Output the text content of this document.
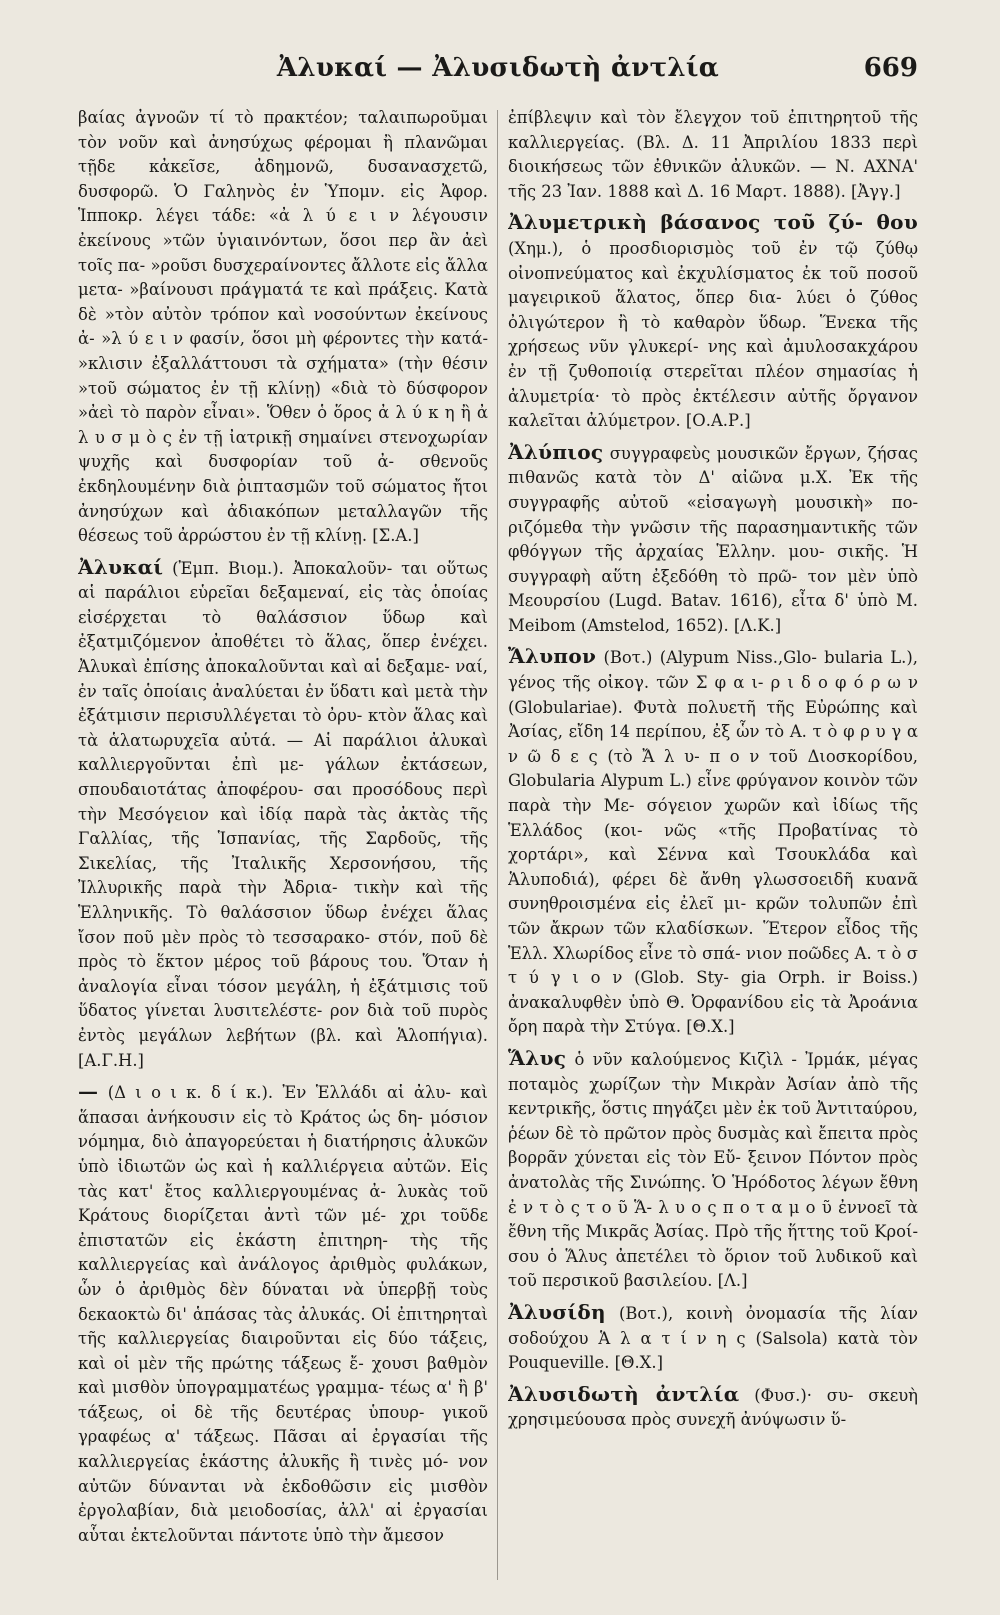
Ἀλυκαί — Ἀλυσιδωτὴ ἀντλία	669

βαίας ἀγνοῶν τί τὸ πρακτέον; ταλαιπωροῦμαι τὸν νοῦν καὶ ἀνησύχως φέρομαι ἢ πλανῶμαι τῇδε κἀκεῖσε, ἀδημονῶ, δυσανασχετῶ, δυσφορῶ. Ὁ Γαληνὸς ἐν Ὑπομν. εἰς Ἀφορ. Ἱπποκρ. λέγει τάδε: «ἀ λ ύ ε ι ν λέγουσιν ἐκείνους »τῶν ὑγιαινόντων, ὅσοι περ ἂν ἀεὶ τοῖς πα- »ροῦσι δυσχεραίνοντες ἄλλοτε εἰς ἄλλα μετα- »βαίνουσι πράγματά τε καὶ πράξεις. Κατὰ δὲ »τὸν αὐτὸν τρόπον καὶ νοσούντων ἐκείνους ἀ- »λ ύ ε ι ν φασίν, ὅσοι μὴ φέροντες τὴν κατά- »κλισιν ἐξαλλάττουσι τὰ σχήματα» (τὴν θέσιν »τοῦ σώματος ἐν τῇ κλίνῃ) «διὰ τὸ δύσφορον »ἀεὶ τὸ παρὸν εἶναι». Ὅθεν ὁ ὅρος ἀ λ ύ κ η ἢ ἀ λ υ σ μ ὸ ς ἐν τῇ ἰατρικῇ σημαίνει στενοχωρίαν ψυχῆς καὶ δυσφορίαν τοῦ ἀ- σθενοῦς ἐκδηλουμένην διὰ ῥιπτασμῶν τοῦ σώματος ἤτοι ἀνησύχων καὶ ἀδιακόπων μεταλλαγῶν τῆς θέσεως τοῦ ἀρρώστου ἐν τῇ κλίνῃ. [Σ.Α.]

Ἀλυκαί (Ἐμπ. Βιομ.). Ἀποκαλοῦν- ται οὕτως αἱ παράλιοι εὑρεῖαι δεξαμεναί, εἰς τὰς ὁποίας εἰσέρχεται τὸ θαλάσσιον ὕδωρ καὶ ἐξατμιζόμενον ἀποθέτει τὸ ἅλας, ὅπερ ἐνέχει. Ἀλυκαὶ ἐπίσης ἀποκαλοῦνται καὶ αἱ δεξαμε- ναί, ἐν ταῖς ὁποίαις ἀναλύεται ἐν ὕδατι καὶ μετὰ τὴν ἐξάτμισιν περισυλλέγεται τὸ ὀρυ- κτὸν ἅλας καὶ τὰ ἁλατωρυχεῖα αὐτά. — Αἱ παράλιοι ἀλυκαὶ καλλιεργοῦνται ἐπὶ με- γάλων ἐκτάσεων, σπουδαιοτάτας ἀποφέρου- σαι προσόδους περὶ τὴν Μεσόγειον καὶ ἰδίᾳ παρὰ τὰς ἀκτὰς τῆς Γαλλίας, τῆς Ἱσπανίας, τῆς Σαρδοῦς, τῆς Σικελίας, τῆς Ἰταλικῆς Χερσονήσου, τῆς Ἰλλυρικῆς παρὰ τὴν Ἀδρια- τικὴν καὶ τῆς Ἑλληνικῆς. Τὸ θαλάσσιον ὕδωρ ἐνέχει ἅλας ἴσον ποῦ μὲν πρὸς τὸ τεσσαρακο- στόν, ποῦ δὲ πρὸς τὸ ἕκτον μέρος τοῦ βάρους του. Ὅταν ἡ ἀναλογία εἶναι τόσον μεγάλη, ἡ ἐξάτμισις τοῦ ὕδατος γίνεται λυσιτελέστε- ρον διὰ τοῦ πυρὸς ἐντὸς μεγάλων λεβήτων (βλ. καὶ Ἁλοπήγια). [Α.Γ.Η.]

— (Δ ι ο ι κ. δ ί κ.). Ἐν Ἑλλάδι αἱ ἀλυ- καὶ ἅπασαι ἀνήκουσιν εἰς τὸ Κράτος ὡς δη- μόσιον νόμημα, διὸ ἀπαγορεύεται ἡ διατήρησις ἀλυκῶν ὑπὸ ἰδιωτῶν ὡς καὶ ἡ καλλιέργεια αὐτῶν. Εἰς τὰς κατ' ἔτος καλλιεργουμένας ἀ- λυκὰς τοῦ Κράτους διορίζεται ἀντὶ τῶν μέ- χρι τοῦδε ἐπιστατῶν εἰς ἑκάστη ἐπιτηρη- τὴς τῆς καλλιεργείας καὶ ἀνάλογος ἀριθμὸς φυλάκων, ὧν ὁ ἀριθμὸς δὲν δύναται νὰ ὑπερβῇ τοὺς δεκαοκτὼ δι' ἁπάσας τὰς ἀλυκάς. Οἱ ἐπιτηρηταὶ τῆς καλλιεργείας διαιροῦνται εἰς δύο τάξεις, καὶ οἱ μὲν τῆς πρώτης τάξεως ἔ- χουσι βαθμὸν καὶ μισθὸν ὑπογραμματέως γραμμα- τέως α' ἢ β' τάξεως, οἱ δὲ τῆς δευτέρας ὑπουρ- γικοῦ γραφέως α' τάξεως. Πᾶσαι αἱ ἐργασίαι τῆς καλλιεργείας ἑκάστης ἀλυκῆς ἢ τινὲς μό- νον αὐτῶν δύνανται νὰ ἐκδοθῶσιν εἰς μισθὸν ἐργολαβίαν, διὰ μειοδοσίας, ἀλλ' αἱ ἐργασίαι αὗται ἐκτελοῦνται πάντοτε ὑπὸ τὴν ἄμεσον

ἐπίβλεψιν καὶ τὸν ἔλεγχον τοῦ ἐπιτηρητοῦ τῆς καλλιεργείας. (Βλ. Δ. 11 Ἀπριλίου 1833 περὶ διοικήσεως τῶν ἐθνικῶν ἀλυκῶν. — Ν. ΑΧΝΑ' τῆς 23 Ἰαν. 1888 καὶ Δ. 16 Μαρτ. 1888). [Ἀγγ.]

Ἀλυμετρικὴ βάσανος τοῦ ζύ- θου (Χημ.), ὁ προσδιορισμὸς τοῦ ἐν τῷ ζύθῳ οἰνοπνεύματος καὶ ἐκχυλίσματος ἐκ τοῦ ποσοῦ μαγειρικοῦ ἅλατος, ὅπερ δια- λύει ὁ ζύθος ὀλιγώτερον ἢ τὸ καθαρὸν ὕδωρ. Ἕνεκα τῆς χρήσεως νῦν γλυκερί- νης καὶ ἀμυλοσακχάρου ἐν τῇ ζυθοποιίᾳ στερεῖται πλέον σημασίας ἡ ἀλυμετρία· τὸ πρὸς ἐκτέλεσιν αὐτῆς ὄργανον καλεῖται ἀλύμετρον. [Ο.Α.Ρ.]

Ἀλύπιος συγγραφεὺς μουσικῶν ἔργων, ζήσας πιθανῶς κατὰ τὸν Δ' αἰῶνα μ.Χ. Ἐκ τῆς συγγραφῆς αὐτοῦ «εἰσαγωγὴ μουσικὴ» πο- ριζόμεθα τὴν γνῶσιν τῆς παρασημαντικῆς τῶν φθόγγων τῆς ἀρχαίας Ἑλλην. μου- σικῆς. Ἡ συγγραφὴ αὕτη ἐξεδόθη τὸ πρῶ- τον μὲν ὑπὸ Μεουρσίου (Lugd. Batav. 1616), εἶτα δ' ὑπὸ M. Meibom (Amstelod, 1652). [Λ.Κ.]

Ἄλυπον (Βοτ.) (Alypum Niss.,Glo- bularia L.), γένος τῆς οἰκογ. τῶν Σ φ α ι- ρ ι δ ο φ ό ρ ω ν (Globulariae). Φυτὰ πολυετῆ τῆς Εὐρώπης καὶ Ἀσίας, εἴδη 14 περίπου, ἐξ ὧν τὸ Α. τ ὸ φ ρ υ γ α ν ῶ δ ε ς (τὸ Ἄ λ υ- π ο ν τοῦ Διοσκορίδου, Globularia Alypum L.) εἶνε φρύγανον κοινὸν τῶν παρὰ τὴν Με- σόγειον χωρῶν καὶ ἰδίως τῆς Ἑλλάδος (κοι- νῶς «τῆς Προβατίνας τὸ χορτάρι», καὶ Σέννα καὶ Τσουκλάδα καὶ Ἁλυποδιά), φέρει δὲ ἄνθη γλωσσοειδῆ κυανᾶ συνηθροισμένα εἰς ἐλεῖ μι- κρῶν τολυπῶν ἐπὶ τῶν ἄκρων τῶν κλαδίσκων. Ἕτερον εἶδος τῆς Ἑλλ. Χλωρίδος εἶνε τὸ σπά- νιον ποῶδες Α. τ ὸ σ τ ύ γ ι ο ν (Glob. Sty- gia Orph. ir Boiss.) ἀνακαλυφθὲν ὑπὸ Θ. Ὀρφανίδου εἰς τὰ Ἀροάνια ὄρη παρὰ τὴν Στύγα. [Θ.Χ.]

Ἅλυς ὁ νῦν καλούμενος Κιζὶλ - Ἰρμάκ, μέγας ποταμὸς χωρίζων τὴν Μικρὰν Ἀσίαν ἀπὸ τῆς κεντρικῆς, ὅστις πηγάζει μὲν ἐκ τοῦ Ἀντιταύρου, ῥέων δὲ τὸ πρῶτον πρὸς δυσμὰς καὶ ἔπειτα πρὸς βορρᾶν χύνεται εἰς τὸν Εὔ- ξεινον Πόντον πρὸς ἀνατολὰς τῆς Σινώπης. Ὁ Ἡρόδοτος λέγων ἔθνη ἐ ν τ ὸ ς τ ο ῦ Ἅ- λ υ ο ς π ο τ α μ ο ῦ ἐννοεῖ τὰ ἔθνη τῆς Μικρᾶς Ἀσίας. Πρὸ τῆς ἥττης τοῦ Κροί- σου ὁ Ἅλυς ἀπετέλει τὸ ὅριον τοῦ λυδικοῦ καὶ τοῦ περσικοῦ βασιλείου. [Λ.]

Ἀλυσίδη (Βοτ.), κοινὴ ὀνομασία τῆς λίαν σοδούχου Ἁ λ α τ ί ν η ς (Salsola) κατὰ τὸν Pouqueville. [Θ.Χ.]

Ἀλυσιδωτὴ ἀντλία (Φυσ.)· συ- σκευὴ χρησιμεύουσα πρὸς συνεχῆ ἀνύψωσιν ὕ-
